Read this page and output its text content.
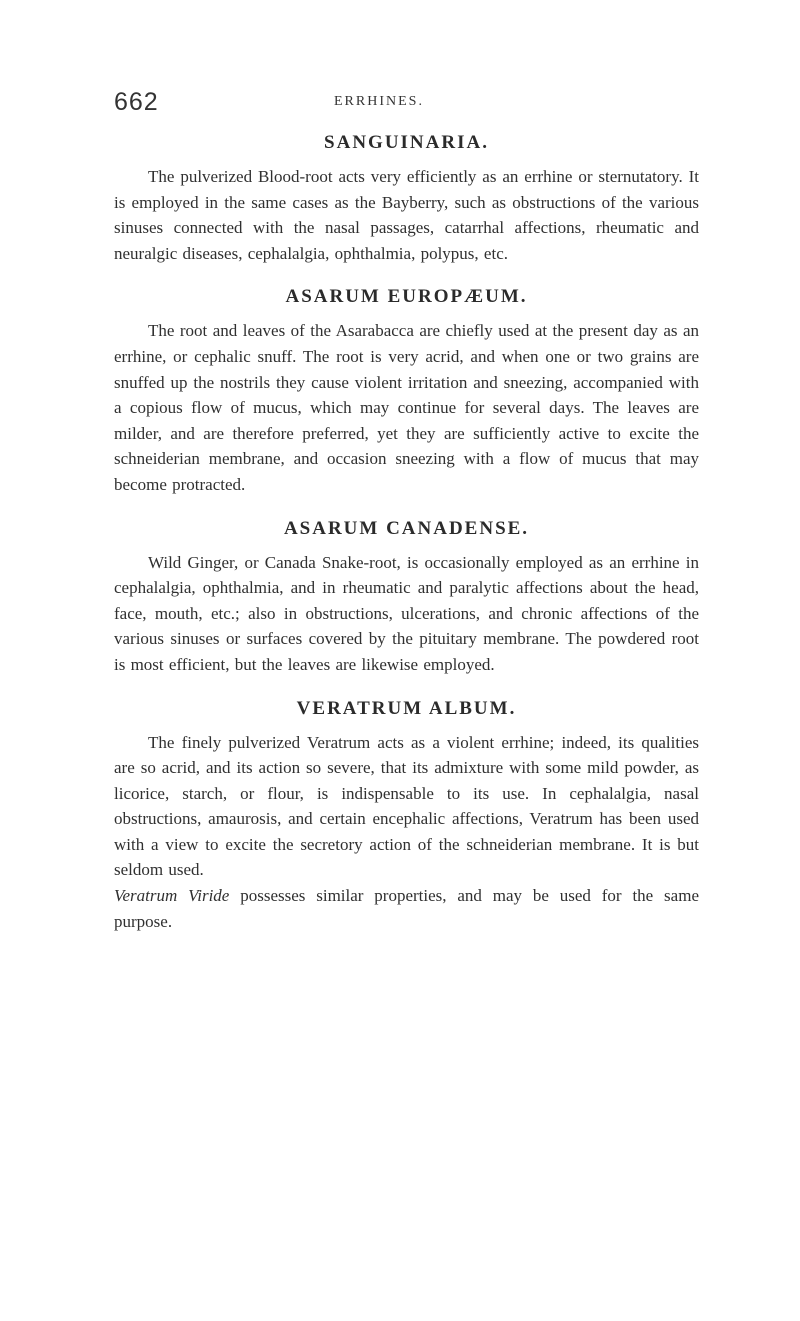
662	ERRHINES.
SANGUINARIA.

The pulverized Blood-root acts very efficiently as an errhine or sternutatory. It is employed in the same cases as the Bayberry, such as obstructions of the various sinuses connected with the nasal passages, catarrhal affections, rheumatic and neuralgic diseases, cephalalgia, ophthalmia, polypus, etc.

ASARUM EUROPÆUM.

The root and leaves of the Asarabacca are chiefly used at the present day as an errhine, or cephalic snuff. The root is very acrid, and when one or two grains are snuffed up the nostrils they cause violent irritation and sneezing, accompanied with a copious flow of mucus, which may continue for several days. The leaves are milder, and are therefore preferred, yet they are sufficiently active to excite the schneiderian membrane, and occasion sneezing with a flow of mucus that may become protracted.

ASARUM CANADENSE.

Wild Ginger, or Canada Snake-root, is occasionally employed as an errhine in cephalalgia, ophthalmia, and in rheumatic and paralytic affections about the head, face, mouth, etc.; also in obstructions, ulcerations, and chronic affections of the various sinuses or surfaces covered by the pituitary membrane. The powdered root is most efficient, but the leaves are likewise employed.

VERATRUM ALBUM.

The finely pulverized Veratrum acts as a violent errhine; indeed, its qualities are so acrid, and its action so severe, that its admixture with some mild powder, as licorice, starch, or flour, is indispensable to its use. In cephalalgia, nasal obstructions, amaurosis, and certain encephalic affections, Veratrum has been used with a view to excite the secretory action of the schneiderian membrane. It is but seldom used.

Veratrum Viride possesses similar properties, and may be used for the same purpose.
